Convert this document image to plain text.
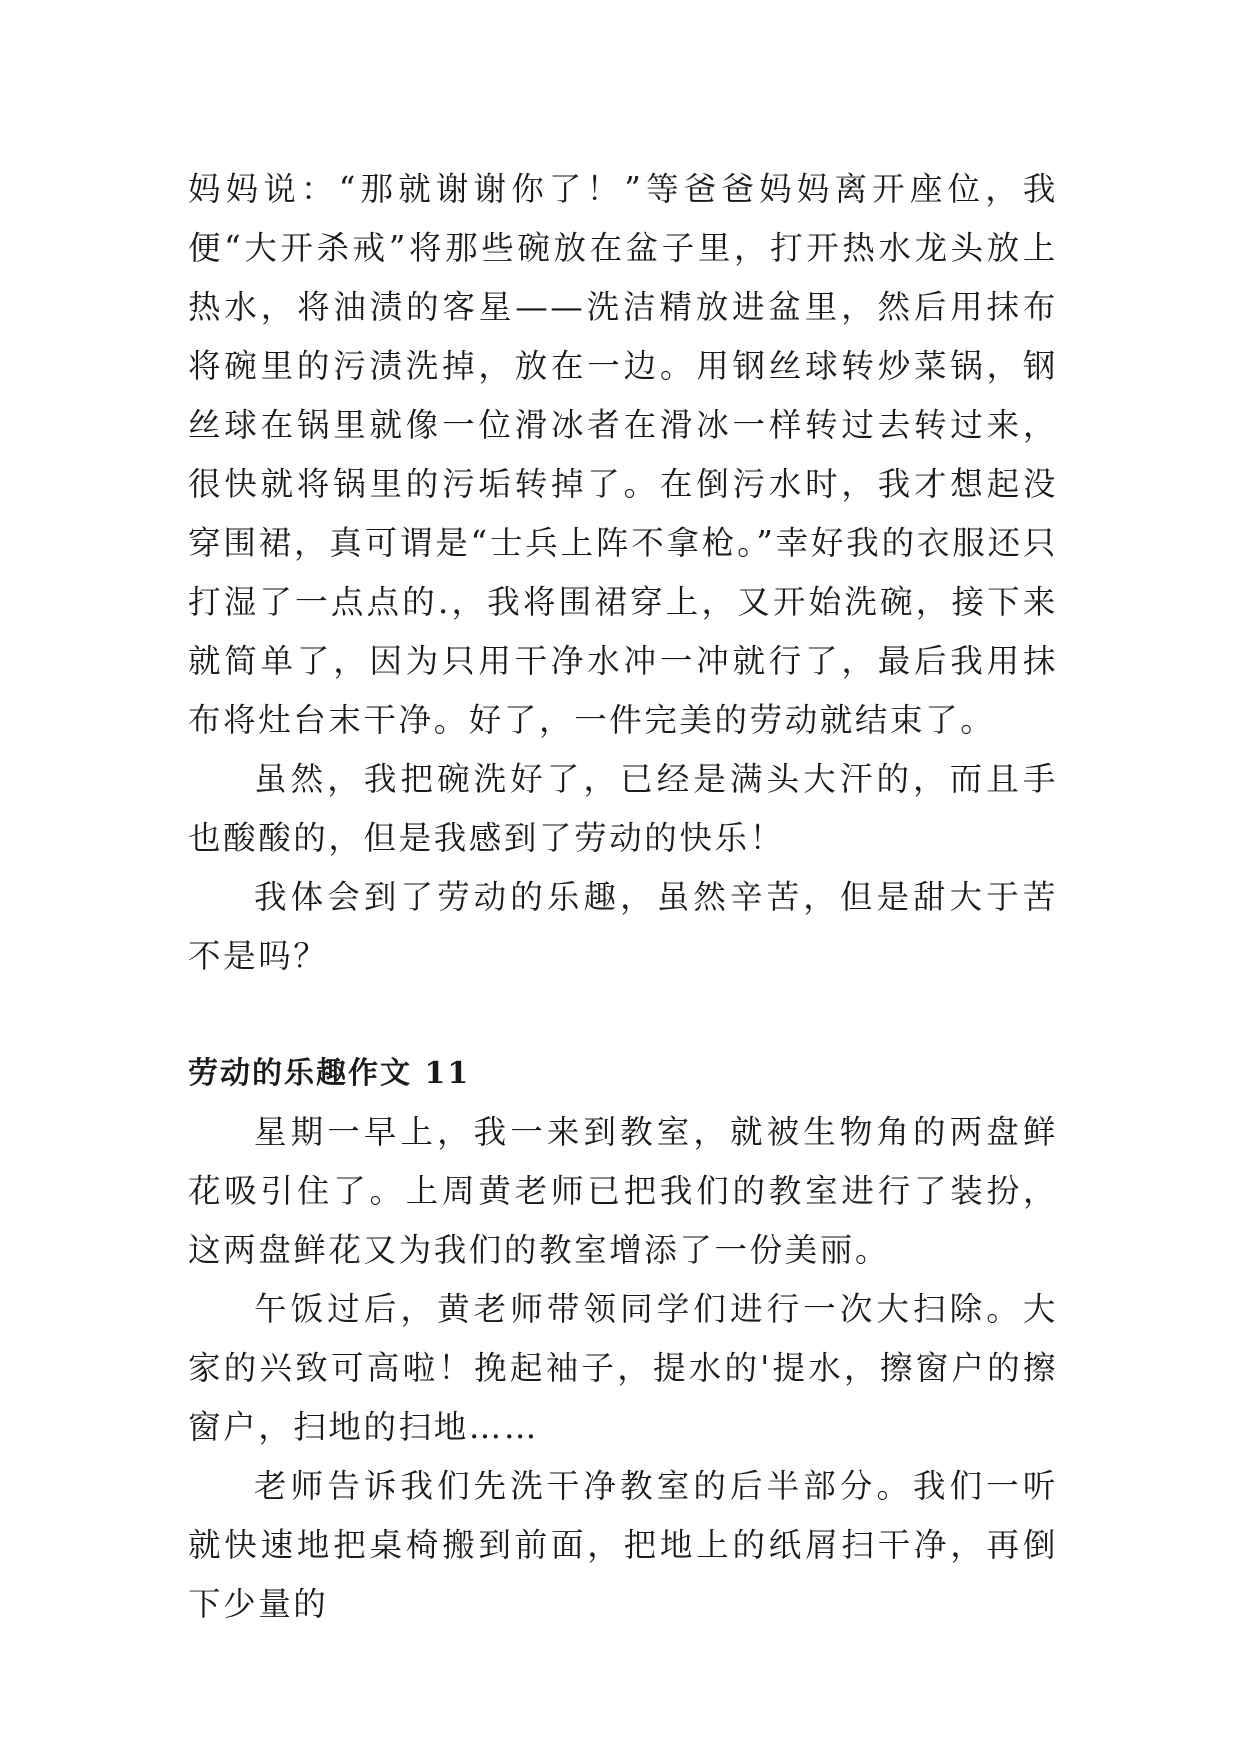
妈妈说：“那就谢谢你了！”等爸爸妈妈离开座位，我便“大开杀戒”将那些碗放在盆子里，打开热水龙头放上热水，将油渍的客星——洗洁精放进盆里，然后用抹布将碗里的污渍洗掉，放在一边。用钢丝球转炒菜锅，钢丝球在锅里就像一位滑冰者在滑冰一样转过去转过来，很快就将锅里的污垢转掉了。在倒污水时，我才想起没穿围裙，真可谓是“士兵上阵不拿枪。”幸好我的衣服还只打湿了一点点的.，我将围裙穿上，又开始洗碗，接下来就简单了，因为只用干净水冲一冲就行了，最后我用抹布将灶台末干净。好了，一件完美的劳动就结束了。

虽然，我把碗洗好了，已经是满头大汗的，而且手也酸酸的，但是我感到了劳动的快乐！

我体会到了劳动的乐趣，虽然辛苦，但是甜大于苦不是吗？

劳动的乐趣作文 11

星期一早上，我一来到教室，就被生物角的两盘鲜花吸引住了。上周黄老师已把我们的教室进行了装扮，这两盘鲜花又为我们的教室增添了一份美丽。

午饭过后，黄老师带领同学们进行一次大扫除。大家的兴致可高啦！挽起袖子，提水的'提水，擦窗户的擦窗户，扫地的扫地……

老师告诉我们先洗干净教室的后半部分。我们一听就快速地把桌椅搬到前面，把地上的纸屑扫干净，再倒下少量的
